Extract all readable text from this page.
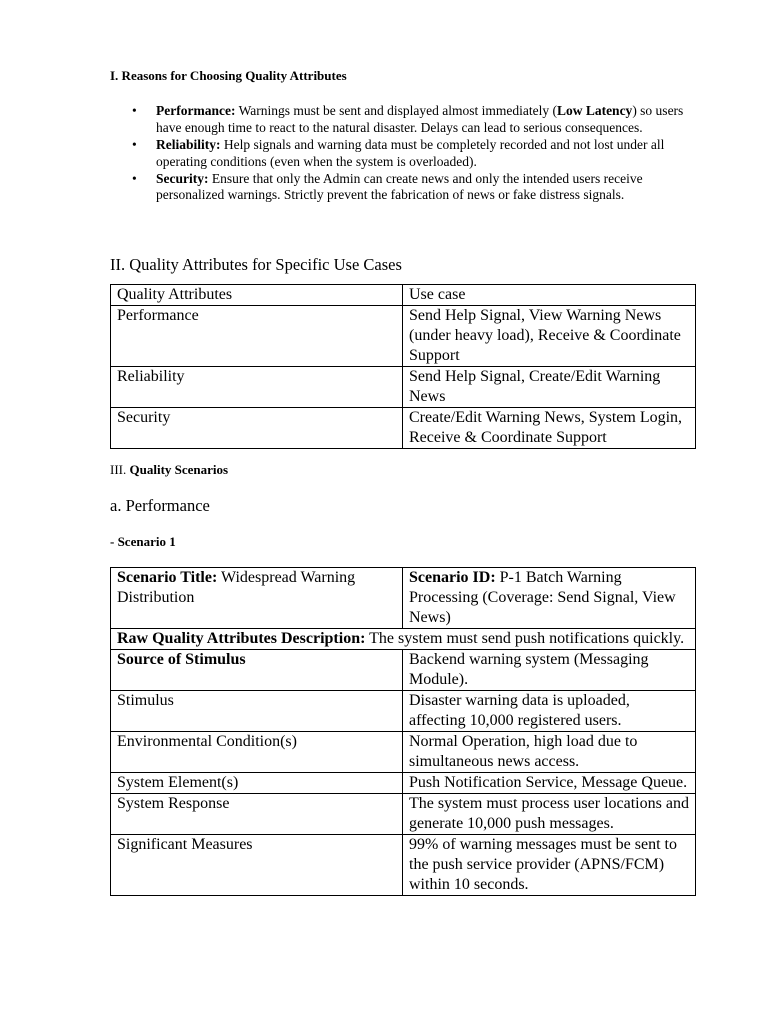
I. Reasons for Choosing Quality Attributes

• Performance: Warnings must be sent and displayed almost immediately (Low Latency) so users have enough time to react to the natural disaster. Delays can lead to serious consequences.
• Reliability: Help signals and warning data must be completely recorded and not lost under all operating conditions (even when the system is overloaded).
• Security: Ensure that only the Admin can create news and only the intended users receive personalized warnings. Strictly prevent the fabrication of news or fake distress signals.

II. Quality Attributes for Specific Use Cases

Quality Attributes	Use case
Performance	Send Help Signal, View Warning News (under heavy load), Receive & Coordinate Support
Reliability	Send Help Signal, Create/Edit Warning News
Security	Create/Edit Warning News, System Login, Receive & Coordinate Support

III. Quality Scenarios

a. Performance

- Scenario 1

Scenario Title: Widespread Warning Distribution	Scenario ID: P-1 Batch Warning Processing (Coverage: Send Signal, View News)
Raw Quality Attributes Description: The system must send push notifications quickly.	
Source of Stimulus	Backend warning system (Messaging Module).
Stimulus	Disaster warning data is uploaded, affecting 10,000 registered users.
Environmental Condition(s)	Normal Operation, high load due to simultaneous news access.
System Element(s)	Push Notification Service, Message Queue.
System Response	The system must process user locations and generate 10,000 push messages.
Significant Measures	99% of warning messages must be sent to the push service provider (APNS/FCM) within 10 seconds.
